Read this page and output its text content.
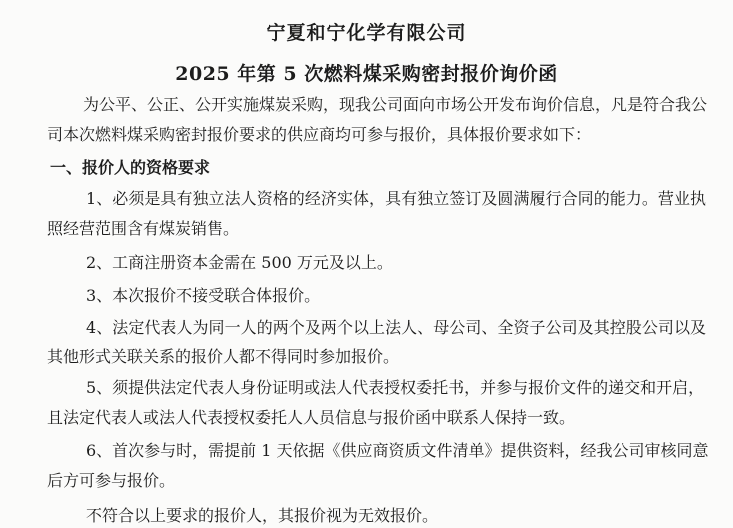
宁夏和宁化学有限公司
2025 年第 5 次燃料煤采购密封报价询价函
为公平、公正、公开实施煤炭采购，现我公司面向市场公开发布询价信息，凡是符合我公
司本次燃料煤采购密封报价要求的供应商均可参与报价，具体报价要求如下：
一、报价人的资格要求
1、必须是具有独立法人资格的经济实体，具有独立签订及圆满履行合同的能力。营业执
照经营范围含有煤炭销售。
2、工商注册资本金需在 500 万元及以上。
3、本次报价不接受联合体报价。
4、法定代表人为同一人的两个及两个以上法人、母公司、全资子公司及其控股公司以及
其他形式关联关系的报价人都不得同时参加报价。
5、须提供法定代表人身份证明或法人代表授权委托书，并参与报价文件的递交和开启，
且法定代表人或法人代表授权委托人人员信息与报价函中联系人保持一致。
6、首次参与时，需提前 1 天依据《供应商资质文件清单》提供资料，经我公司审核同意
后方可参与报价。
不符合以上要求的报价人，其报价视为无效报价。
